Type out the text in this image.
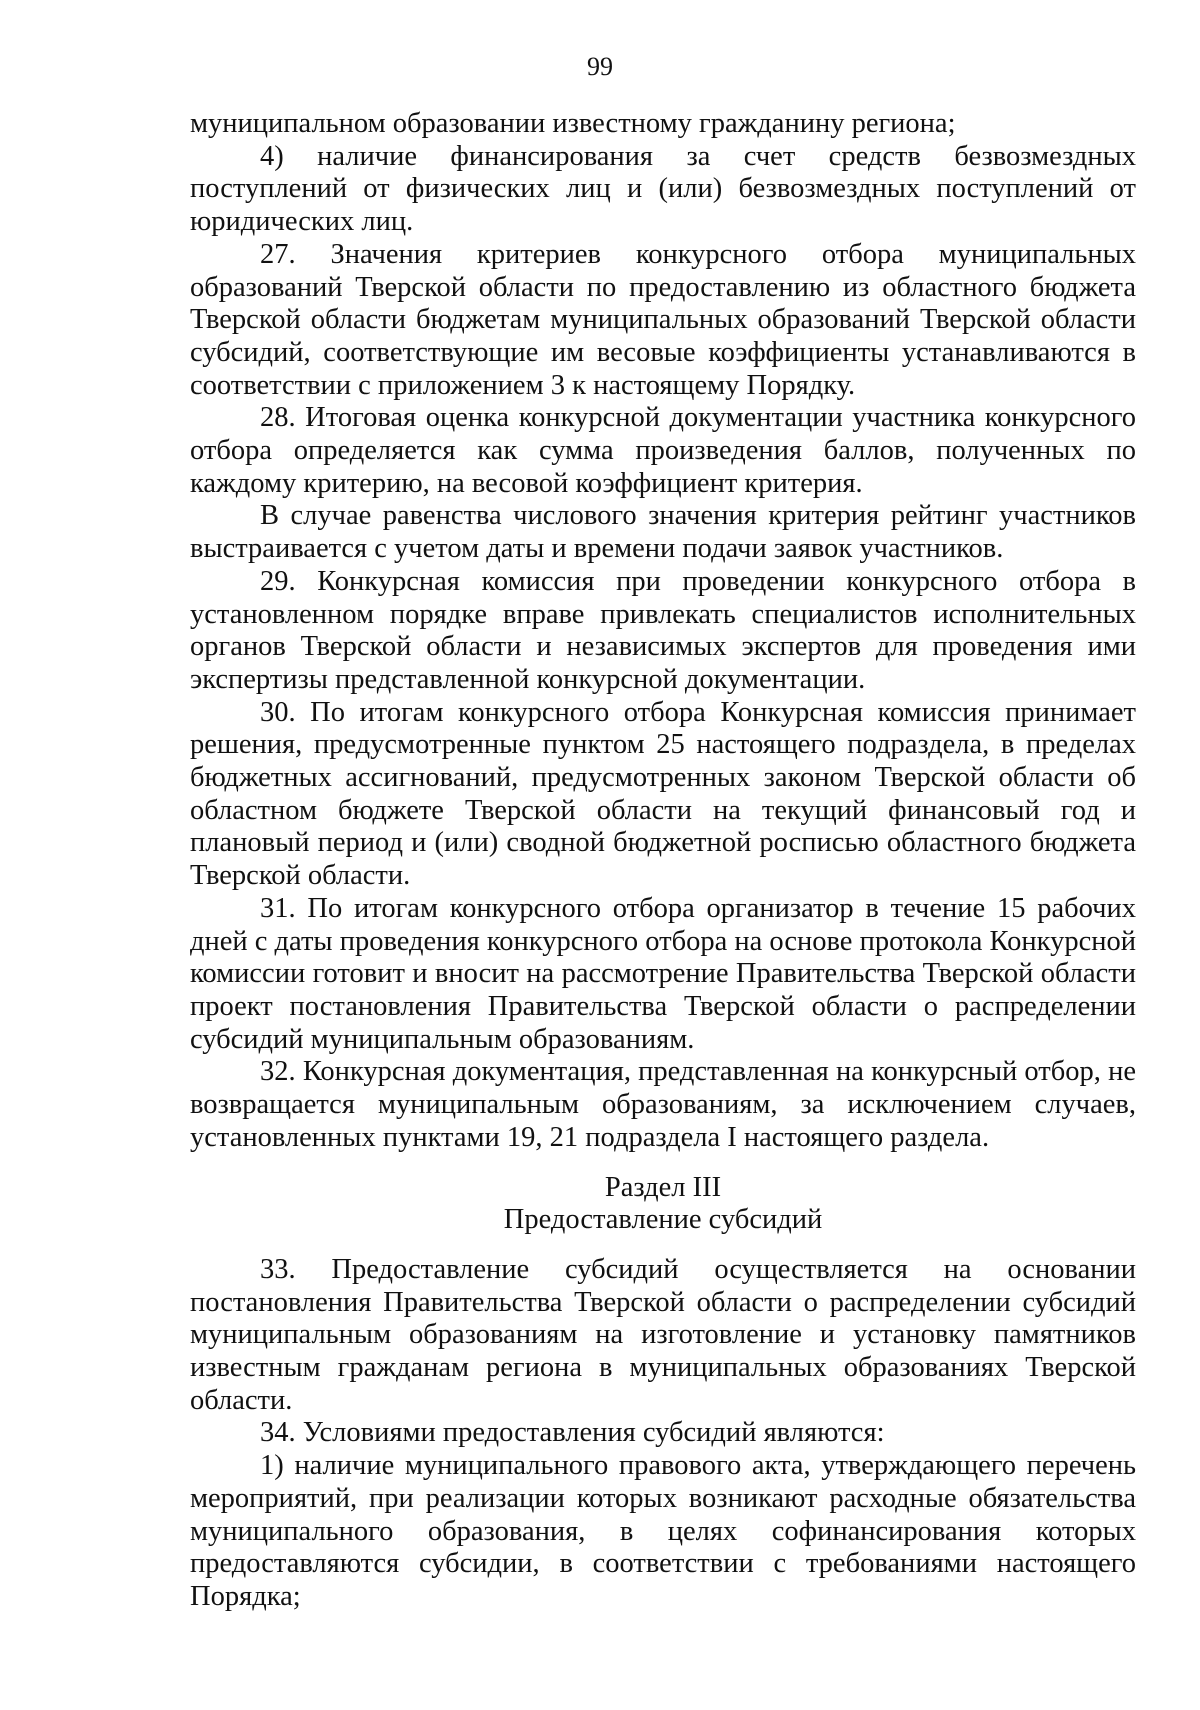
99

муниципальном образовании известному гражданину региона;

4) наличие финансирования за счет средств безвозмездных поступлений от физических лиц и (или) безвозмездных поступлений от юридических лиц.

27. Значения критериев конкурсного отбора муниципальных образований Тверской области по предоставлению из областного бюджета Тверской области бюджетам муниципальных образований Тверской области субсидий, соответствующие им весовые коэффициенты устанавливаются в соответствии с приложением 3 к настоящему Порядку.

28. Итоговая оценка конкурсной документации участника конкурсного отбора определяется как сумма произведения баллов, полученных по каждому критерию, на весовой коэффициент критерия.

В случае равенства числового значения критерия рейтинг участников выстраивается с учетом даты и времени подачи заявок участников.

29. Конкурсная комиссия при проведении конкурсного отбора в установленном порядке вправе привлекать специалистов исполнительных органов Тверской области и независимых экспертов для проведения ими экспертизы представленной конкурсной документации.

30. По итогам конкурсного отбора Конкурсная комиссия принимает решения, предусмотренные пунктом 25 настоящего подраздела, в пределах бюджетных ассигнований, предусмотренных законом Тверской области об областном бюджете Тверской области на текущий финансовый год и плановый период и (или) сводной бюджетной росписью областного бюджета Тверской области.

31. По итогам конкурсного отбора организатор в течение 15 рабочих дней с даты проведения конкурсного отбора на основе протокола Конкурсной комиссии готовит и вносит на рассмотрение Правительства Тверской области проект постановления Правительства Тверской области о распределении субсидий муниципальным образованиям.

32. Конкурсная документация, представленная на конкурсный отбор, не возвращается муниципальным образованиям, за исключением случаев, установленных пунктами 19, 21 подраздела I настоящего раздела.

Раздел III

Предоставление субсидий

33. Предоставление субсидий осуществляется на основании постановления Правительства Тверской области о распределении субсидий муниципальным образованиям на изготовление и установку памятников известным гражданам региона в муниципальных образованиях Тверской области.

34. Условиями предоставления субсидий являются:

1) наличие муниципального правового акта, утверждающего перечень мероприятий, при реализации которых возникают расходные обязательства муниципального образования, в целях софинансирования которых предоставляются субсидии, в соответствии с требованиями настоящего Порядка;
